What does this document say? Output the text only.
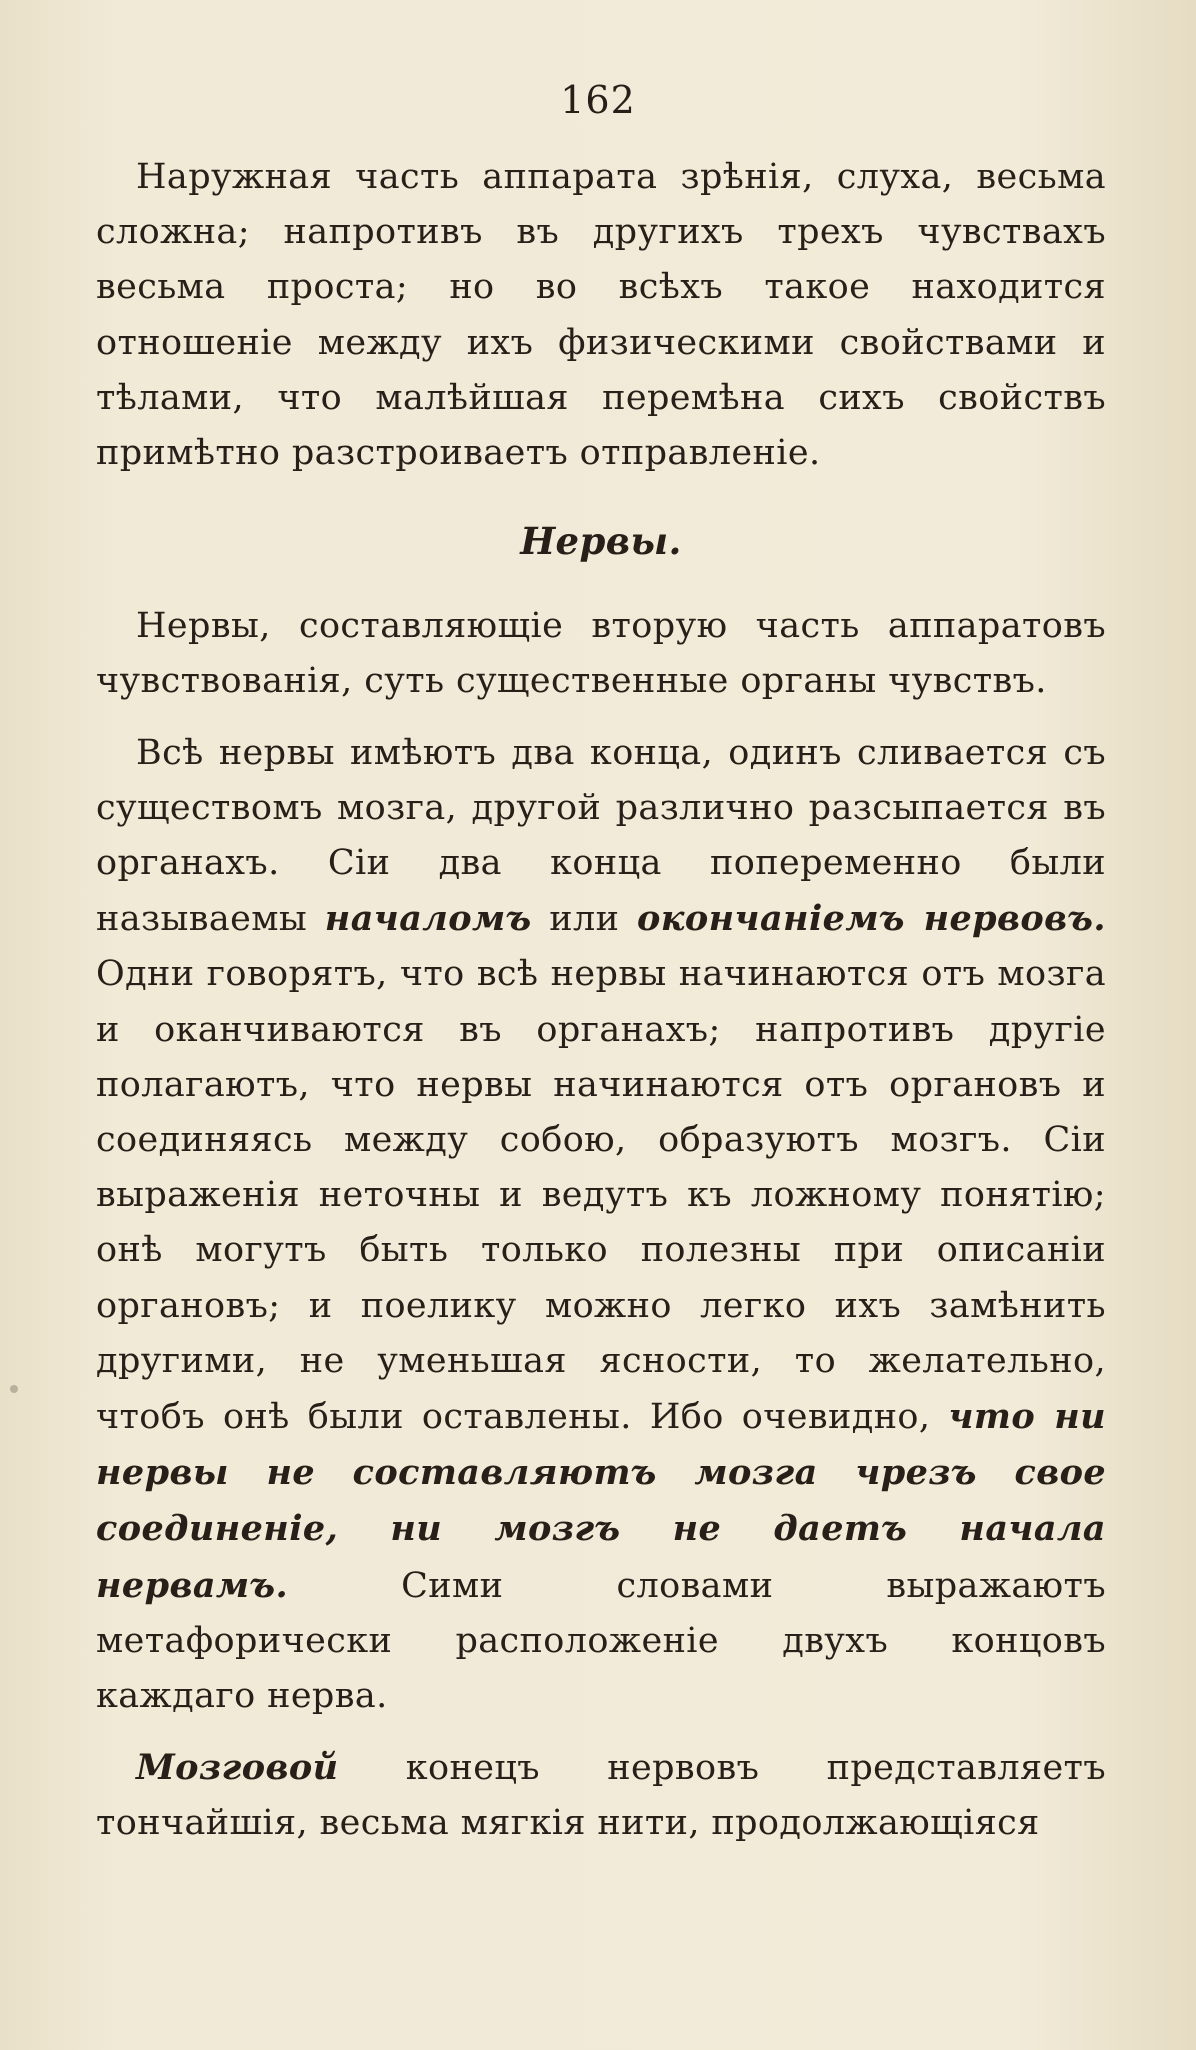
162

Наружная часть аппарата зрѣнія, слуха, весьма сложна; напротивъ въ другихъ трехъ чувствахъ весьма проста; но во всѣхъ такое находится отношеніе между ихъ физическими свойствами и тѣлами, что малѣйшая перемѣна сихъ свойствъ примѣтно разстроиваетъ отправленіе.

Нервы.

Нервы, составляющіе вторую часть аппаратовъ чувствованія, суть существенные органы чувствъ.

Всѣ нервы имѣютъ два конца, одинъ сливается съ существомъ мозга, другой различно разсыпается въ органахъ. Сіи два конца попеременно были называемы началомъ или окончаніемъ нервовъ. Одни говорятъ, что всѣ нервы начинаются отъ мозга и оканчиваются въ органахъ; напротивъ другіе полагаютъ, что нервы начинаются отъ органовъ и соединяясь между собою, образуютъ мозгъ. Сіи выраженія неточны и ведутъ къ ложному понятію; онѣ могутъ быть только полезны при описаніи органовъ; и поелику можно легко ихъ замѣнить другими, не уменьшая ясности, то желательно, чтобъ онѣ были оставлены. Ибо очевидно, что ни нервы не составляютъ мозга чрезъ свое соединеніе, ни мозгъ не даетъ начала нервамъ.	Сими словами выражаютъ метафорически расположеніе двухъ концовъ каждаго нерва.

Мозговой конецъ нервовъ представляетъ тончайшія, весьма мягкія нити, продолжающіяся
